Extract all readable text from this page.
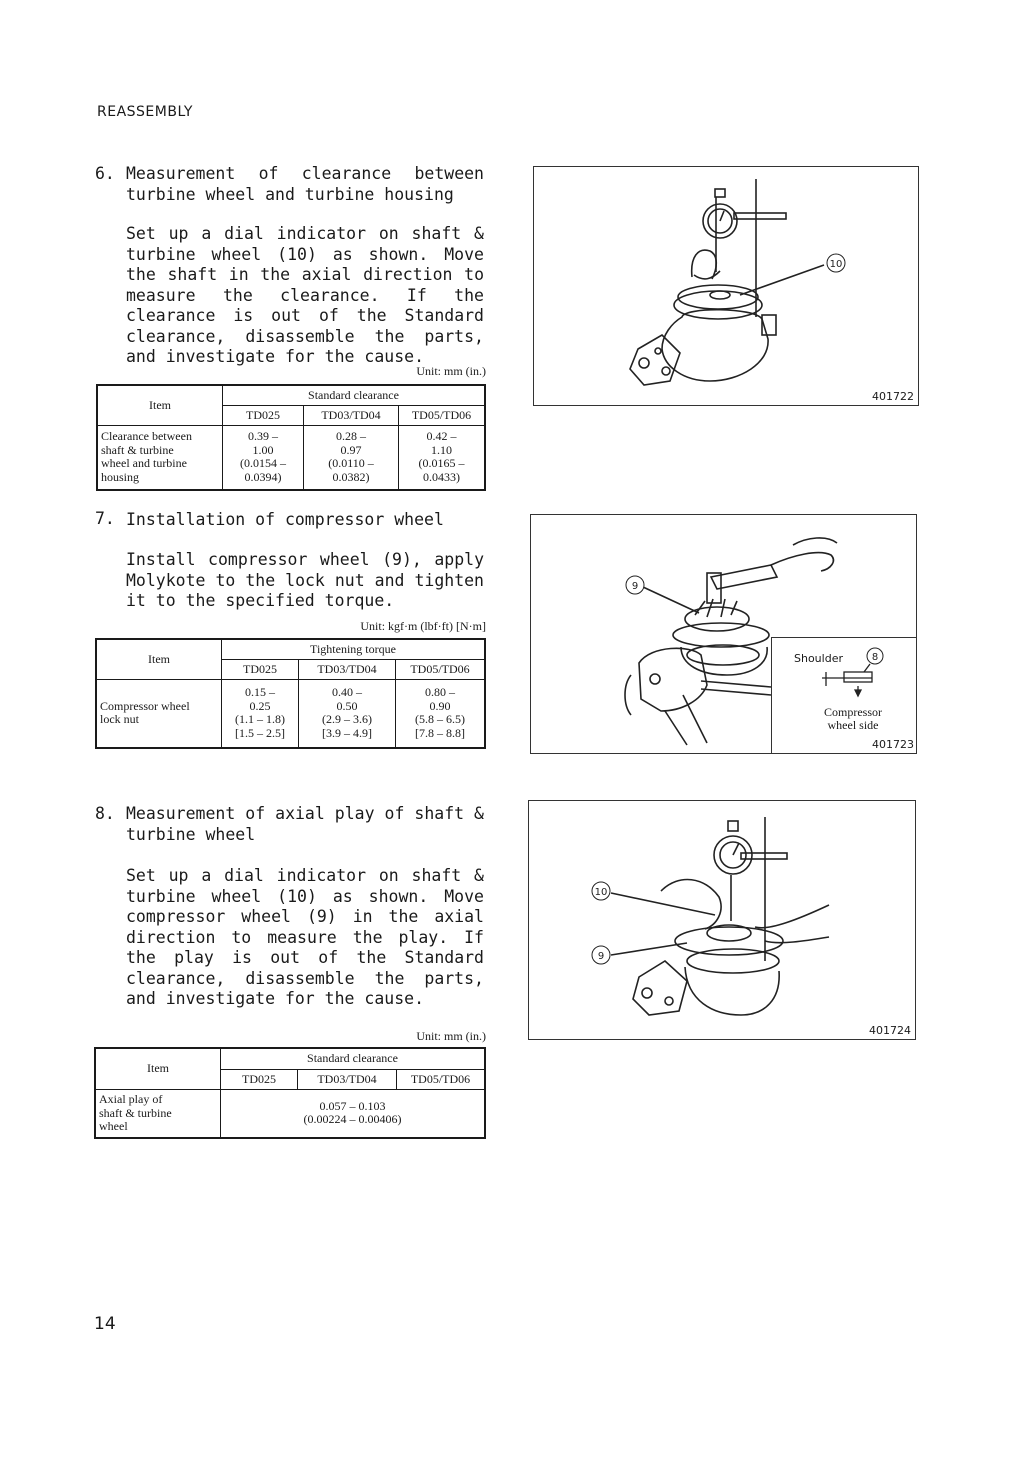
REASSEMBLY
6. Measurement of clearance between turbine wheel and turbine housing
Set up a dial indicator on shaft & turbine wheel (10) as shown. Move the shaft in the axial direction to measure the clearance. If the clearance is out of the Standard clearance, disassemble the parts, and investigate for the cause.
Unit: mm (in.)
Item	Standard clearance		
	TD025	TD03/TD04	TD05/TD06
Clearance between
shaft & turbine
wheel and turbine
housing	0.39 –
1.00
(0.0154 –
0.0394)	0.28 –
0.97
(0.0110 –
0.0382)	0.42 –
1.10
(0.0165 –
0.0433)
10
401722
7. Installation of compressor wheel
Install compressor wheel (9), apply Molykote to the lock nut and tighten it to the specified torque.
Unit: kgf·m (lbf·ft) [N·m]
Item	Tightening torque		
	TD025	TD03/TD04	TD05/TD06
Compressor wheel
lock nut	0.15 –
0.25
(1.1 – 1.8)
[1.5 – 2.5]	0.40 –
0.50
(2.9 – 3.6)
[3.9 – 4.9]	0.80 –
0.90
(5.8 – 6.5)
[7.8 – 8.8]
9
Shoulder	8
Compressor
wheel side
401723
8. Measurement of axial play of shaft & turbine wheel
Set up a dial indicator on shaft & turbine wheel (10) as shown. Move compressor wheel (9) in the axial direction to measure the play. If the play is out of the Standard clearance, disassemble the parts, and investigate for the cause.
Unit: mm (in.)
Item	Standard clearance		
	TD025	TD03/TD04	TD05/TD06
Axial play of
shaft & turbine
wheel	0.057 – 0.103
(0.00224 – 0.00406)		
10
9
401724
14
